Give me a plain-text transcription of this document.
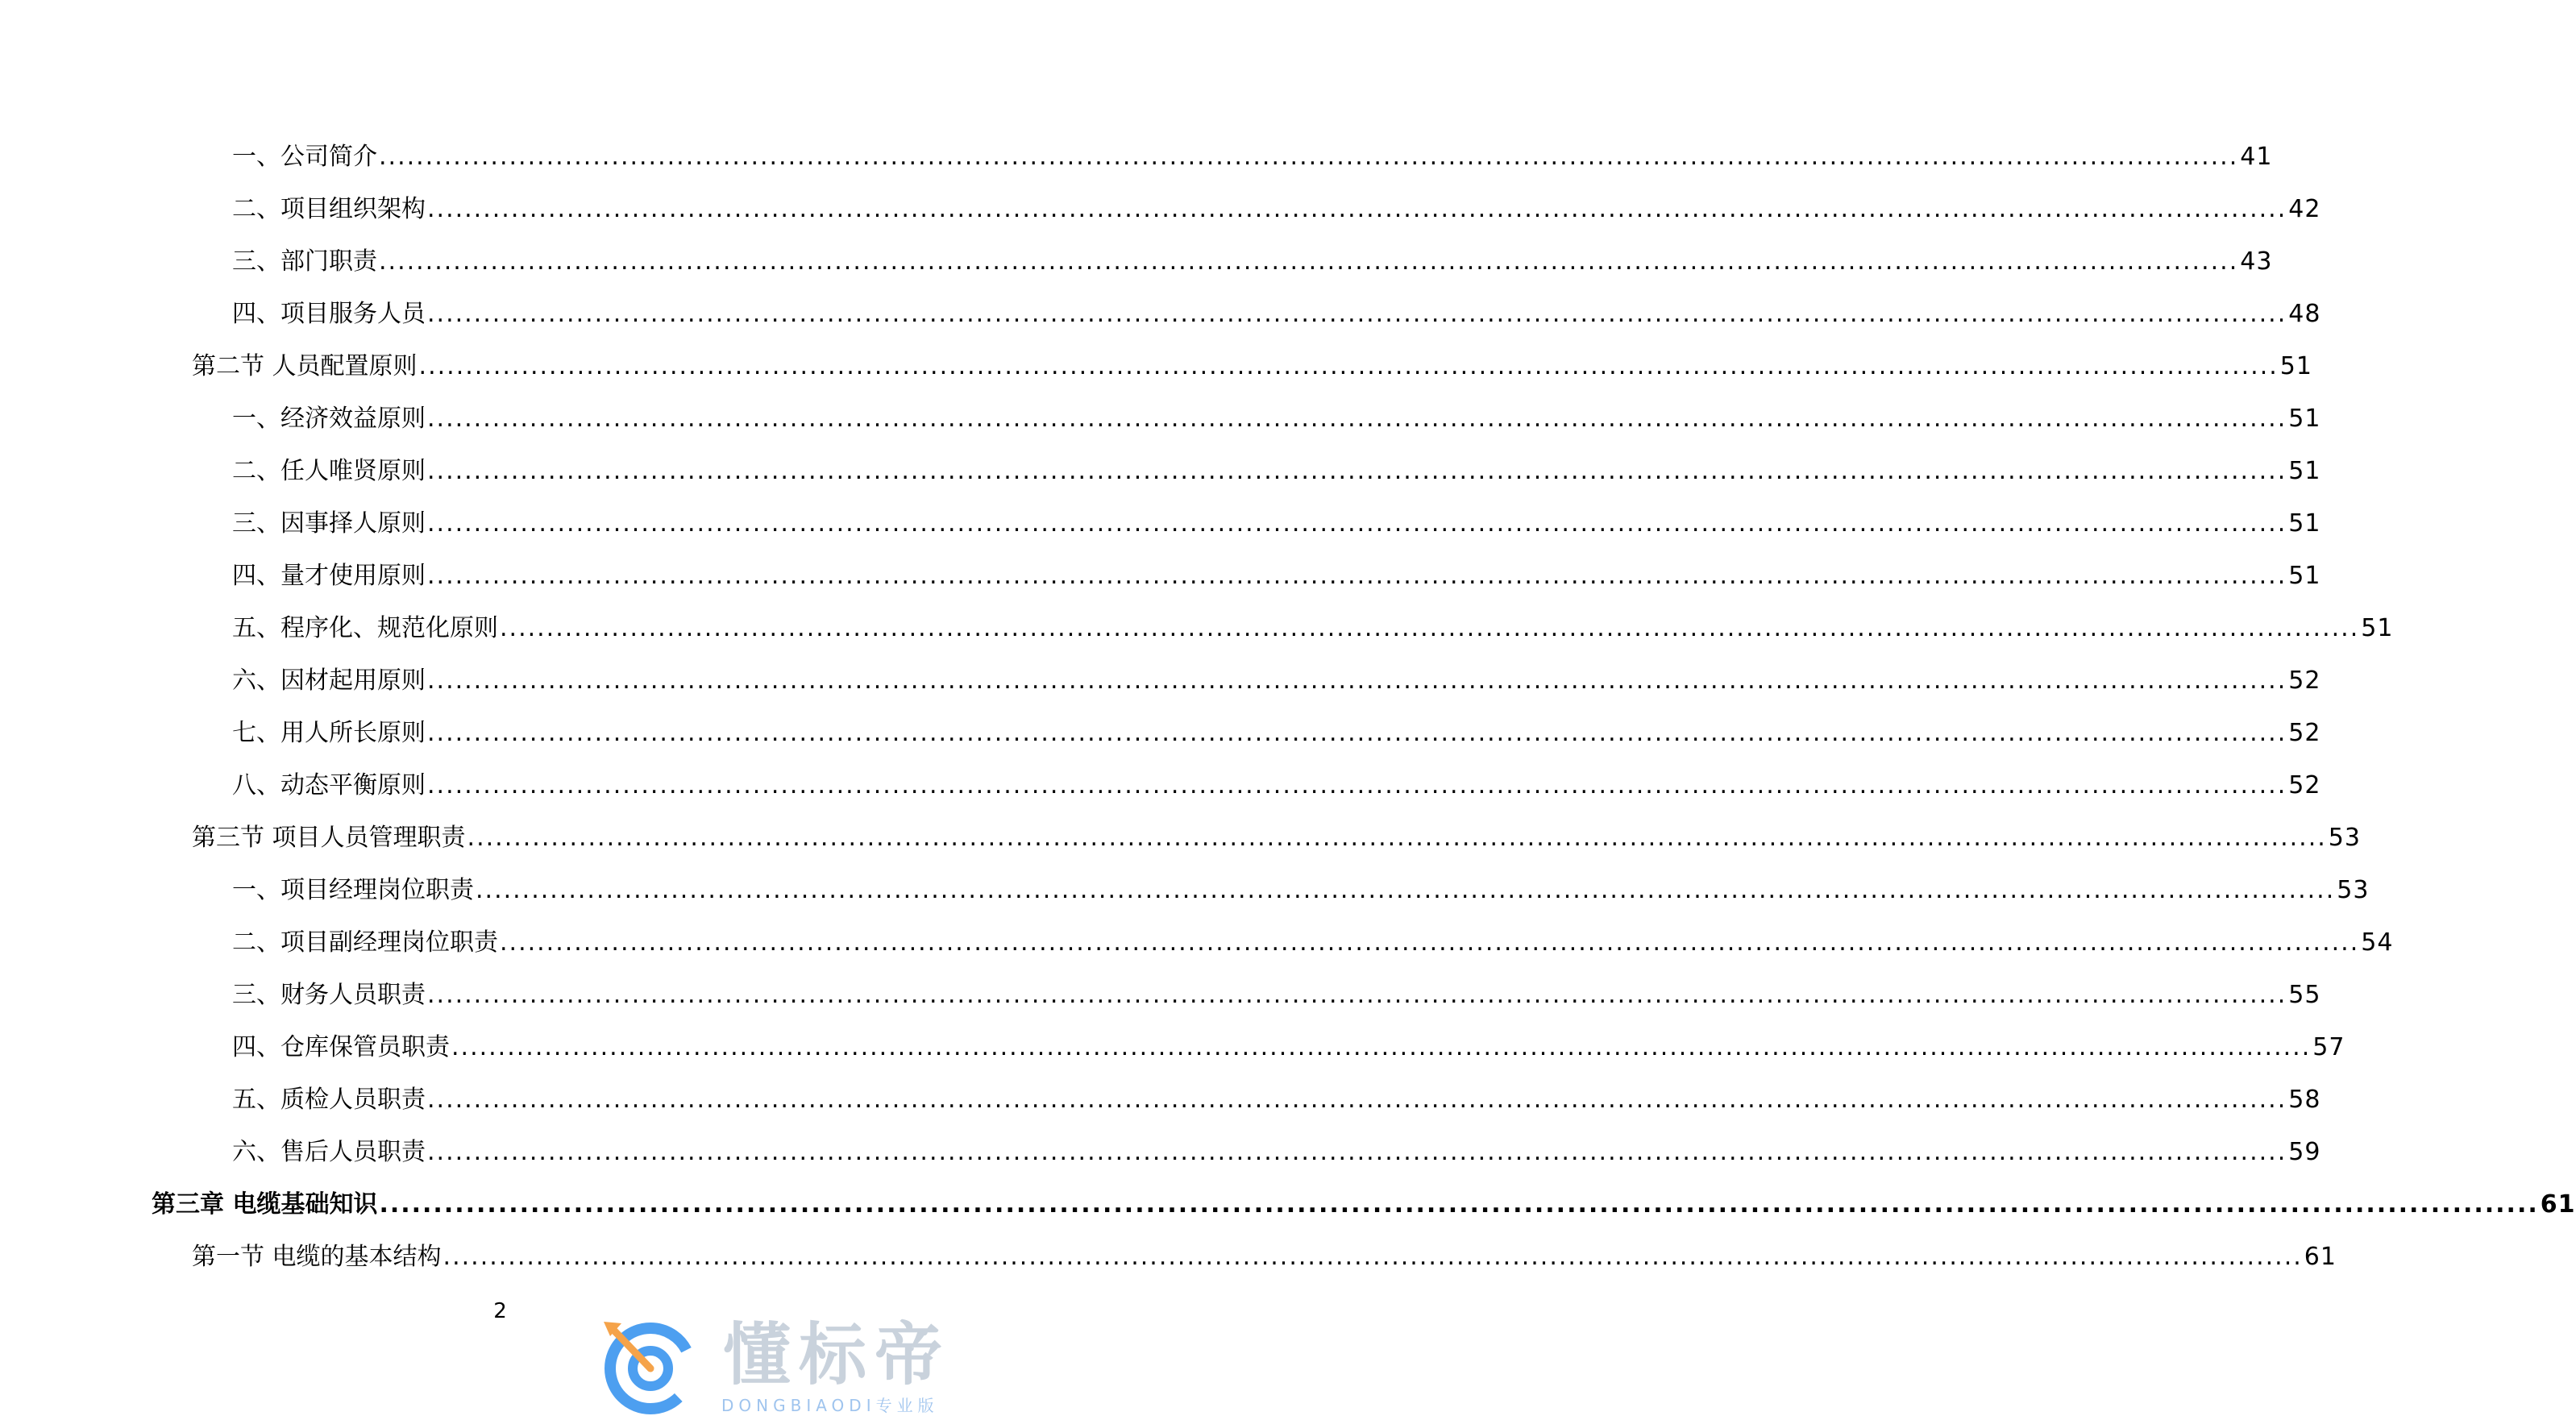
一、公司简介 ........................................................................................................................................................................................................ 41
二、项目组织架构 ........................................................................................................................................................................................................ 42
三、部门职责 ........................................................................................................................................................................................................ 43
四、项目服务人员 ........................................................................................................................................................................................................ 48
第二节 人员配置原则 ........................................................................................................................................................................................................ 51
一、经济效益原则 ........................................................................................................................................................................................................ 51
二、任人唯贤原则 ........................................................................................................................................................................................................ 51
三、因事择人原则 ........................................................................................................................................................................................................ 51
四、量才使用原则 ........................................................................................................................................................................................................ 51
五、程序化、规范化原则 ........................................................................................................................................................................................................ 51
六、因材起用原则 ........................................................................................................................................................................................................ 52
七、用人所长原则 ........................................................................................................................................................................................................ 52
八、动态平衡原则 ........................................................................................................................................................................................................ 52
第三节 项目人员管理职责 ........................................................................................................................................................................................................ 53
一、项目经理岗位职责 ........................................................................................................................................................................................................ 53
二、项目副经理岗位职责 ........................................................................................................................................................................................................ 54
三、财务人员职责 ........................................................................................................................................................................................................ 55
四、仓库保管员职责 ........................................................................................................................................................................................................ 57
五、质检人员职责 ........................................................................................................................................................................................................ 58
六、售后人员职责 ........................................................................................................................................................................................................ 59
第三章 电缆基础知识 ........................................................................................................................................................................................................ 61
第一节 电缆的基本结构 ........................................................................................................................................................................................................ 61
2
懂标帝
DONGBIAODI专业版
